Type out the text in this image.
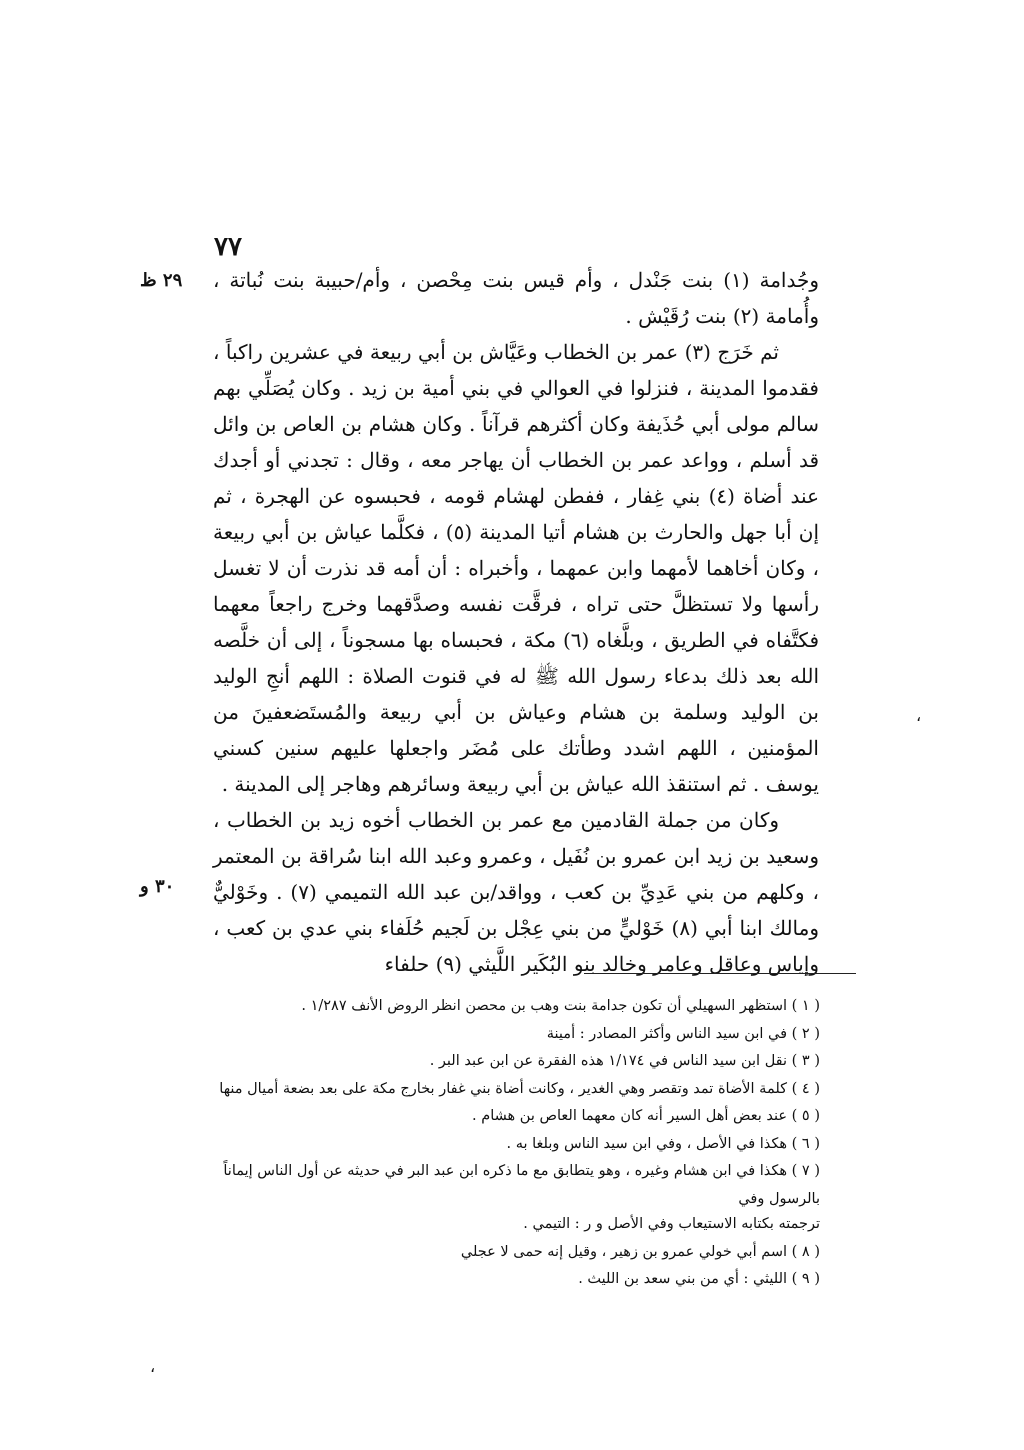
٧٧
٢٩ ظ
٣٠ و

وجُدامة (١) بنت جَنْدل ، وأم قيس بنت مِحْصن ، وأم/حبيبة بنت نُباتة ، وأُمامة (٢) بنت رُقَيْش .

ثم خَرَج (٣) عمر بن الخطاب وعَيَّاش بن أبي ربيعة في عشرين راكباً ، فقدموا المدينة ، فنزلوا في العوالي في بني أمية بن زيد . وكان يُصَلِّي بهم سالم مولى أبي حُذَيفة وكان أكثرهم قرآناً . وكان هشام بن العاص بن وائل قد أسلم ، وواعد عمر بن الخطاب أن يهاجر معه ، وقال : تجدني أو أجدك عند أضاة (٤) بني غِفار ، ففطن لهشام قومه ، فحبسوه عن الهجرة ، ثم إن أبا جهل والحارث بن هشام أتيا المدينة (٥) ، فكلَّما عياش بن أبي ربيعة ، وكان أخاهما لأمهما وابن عمهما ، وأخبراه : أن أمه قد نذرت أن لا تغسل رأسها ولا تستظلَّ حتى تراه ، فرقَّت نفسه وصدَّقهما وخرج راجعاً معهما فكتَّفاه في الطريق ، وبلَّغاه (٦) مكة ، فحبساه بها مسجوناً ، إلى أن خلَّصه الله بعد ذلك بدعاء رسول الله ﷺ له في قنوت الصلاة : اللهم أنجِ الوليد بن الوليد وسلمة بن هشام وعياش بن أبي ربيعة والمُستَضعفينَ من المؤمنين ، اللهم اشدد وطأتك على مُضَر واجعلها عليهم سنين كسني يوسف . ثم استنقذ الله عياش بن أبي ربيعة وسائرهم وهاجر إلى المدينة .

وكان من جملة القادمين مع عمر بن الخطاب أخوه زيد بن الخطاب ، وسعيد بن زيد ابن عمرو بن نُفَيل ، وعمرو وعبد الله ابنا سُراقة بن المعتمر ، وكلهم من بني عَدِيِّ بن كعب ، وواقد/بن عبد الله التميمي (٧) . وخَوْليٌّ ومالك ابنا أبي (٨) خَوْليٍّ من بني عِجْل بن لَجيم حُلَفاء بني عدي بن كعب ، وإياس وعاقل وعامر وخالد بنو البُكَير اللَّيثي (٩) حلفاء

( ١ ) استظهر السهيلي أن تكون جدامة بنت وهب بن محصن انظر الروض الأنف ١/٢٨٧ .

( ٢ ) في ابن سيد الناس وأكثر المصادر : أمينة

( ٣ ) نقل ابن سيد الناس في ١/١٧٤ هذه الفقرة عن ابن عبد البر .

( ٤ ) كلمة الأضاة تمد وتقصر وهي الغدير ، وكانت أضاة بني غفار بخارج مكة على بعد بضعة أميال منها

( ٥ ) عند بعض أهل السير أنه كان معهما العاص بن هشام .

( ٦ ) هكذا في الأصل ، وفي ابن سيد الناس وبلغا به .

( ٧ ) هكذا في ابن هشام وغيره ، وهو يتطابق مع ما ذكره ابن عبد البر في حديثه عن أول الناس إيماناً بالرسول وفي

ترجمته بكتابه الاستيعاب وفي الأصل و ر : التيمي .

( ٨ ) اسم أبي خولي عمرو بن زهير ، وقيل إنه حمى لا عجلي

( ٩ ) الليثي : أي من بني سعد بن الليث .

،
،
